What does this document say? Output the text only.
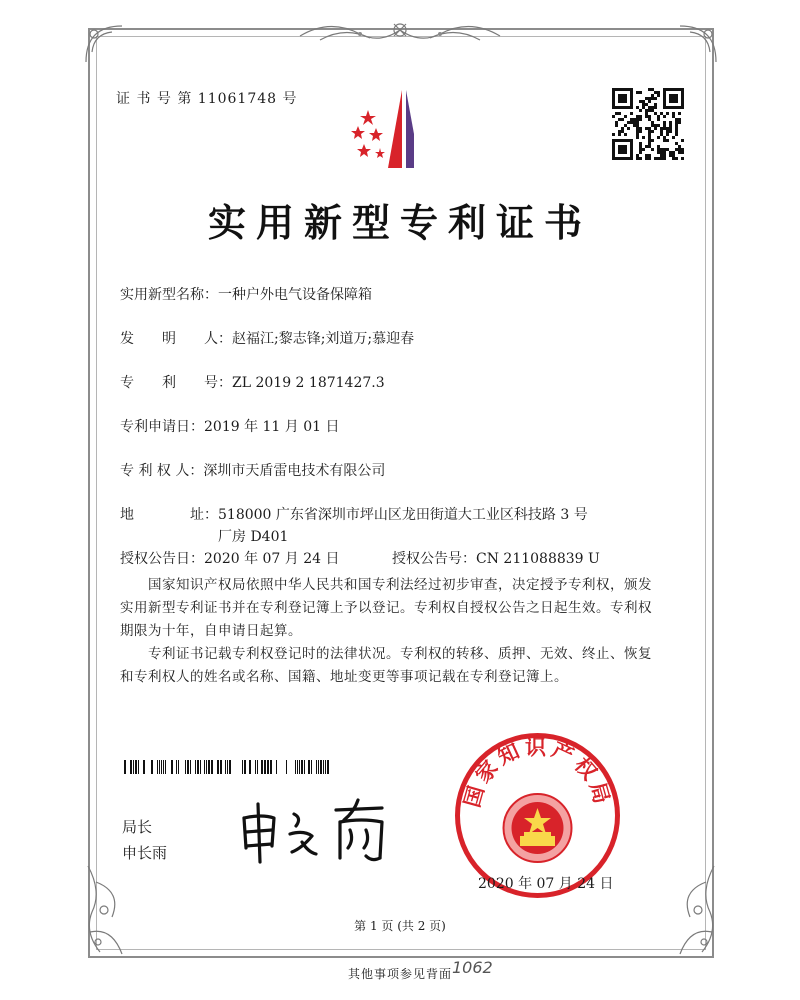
证 书 号 第 11061748 号
实用新型专利证书
实用新型名称：一种户外电气设备保障箱
发　　明　　人：赵福江;黎志锋;刘道万;慕迎春
专　　利　　号：ZL 2019 2 1871427.3
专利申请日：2019 年 11 月 01 日
专 利 权 人：深圳市天盾雷电技术有限公司
地　　　　址：518000 广东省深圳市坪山区龙田街道大工业区科技路 3 号
厂房 D401
授权公告日：2020 年 07 月 24 日	授权公告号：CN 211088839 U
国家知识产权局依照中华人民共和国专利法经过初步审查，决定授予专利权，颁发实用新型专利证书并在专利登记簿上予以登记。专利权自授权公告之日起生效。专利权期限为十年，自申请日起算。
专利证书记载专利权登记时的法律状况。专利权的转移、质押、无效、终止、恢复和专利权人的姓名或名称、国籍、地址变更等事项记载在专利登记簿上。
局长
申长雨
国家知识产权局
2020 年 07 月 24 日
第 1 页 (共 2 页)
其他事项参见背面 1062
